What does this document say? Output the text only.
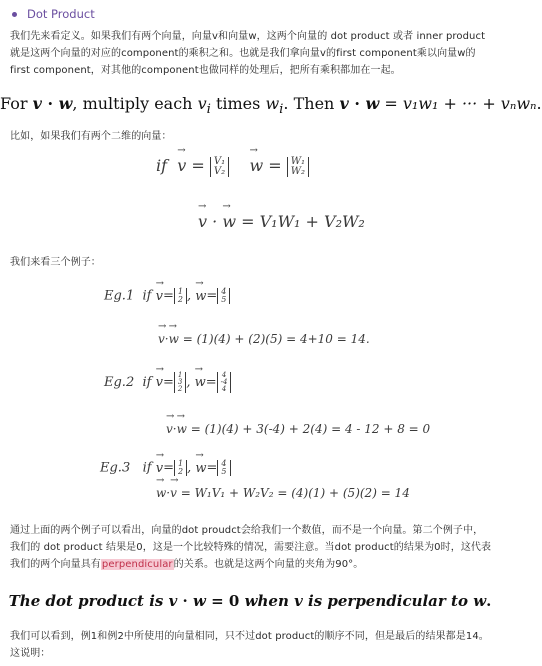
Dot Product
我们先来看定义。如果我们有两个向量，向量v和向量w，这两个向量的 dot product 或者 inner product就是这两个向量的对应的component的乘积之和。也就是我们拿向量v的first component乘以向量w的first component，对其他的component也做同样的处理后，把所有乘积都加在一起。
For v · w, multiply each $v_i$ times $w_i$. Then v · w = v₁w₁ + ··· + vₙwₙ.
比如，如果我们有两个二维的向量：
if → v = V₁
V₂ → w = W₁
W₂
→ v · → w = V₁W₁ + V₂W₂
我们来看三个例子：
Eg.1 if → v= 1
2 , → w= 4
5
→ v·→ w = (1)(4) + (2)(5) = 4+10 = 14.
Eg.2 if → v= 1
3
2 , → w= 4
-4
4
→ v·→ w = (1)(4) + 3(-4) + 2(4) = 4 - 12 + 8 = 0
Eg.3 if → v= 1
2 , → w= 4
5
→ w·→ v = W₁V₁ + W₂V₂ = (4)(1) + (5)(2) = 14
通过上面的两个例子可以看出，向量的dot proudct会给我们一个数值，而不是一个向量。第二个例子中，我们的 dot product 结果是0，这是一个比较特殊的情况，需要注意。当dot product的结果为0时，这代表我们的两个向量具有perpendicular的关系。也就是这两个向量的夹角为90°。
The dot product is v · w = 0 when v is perpendicular to w.
我们可以看到，例1和例2中所使用的向量相同，只不过dot product的顺序不同，但是最后的结果都是14。这说明：
